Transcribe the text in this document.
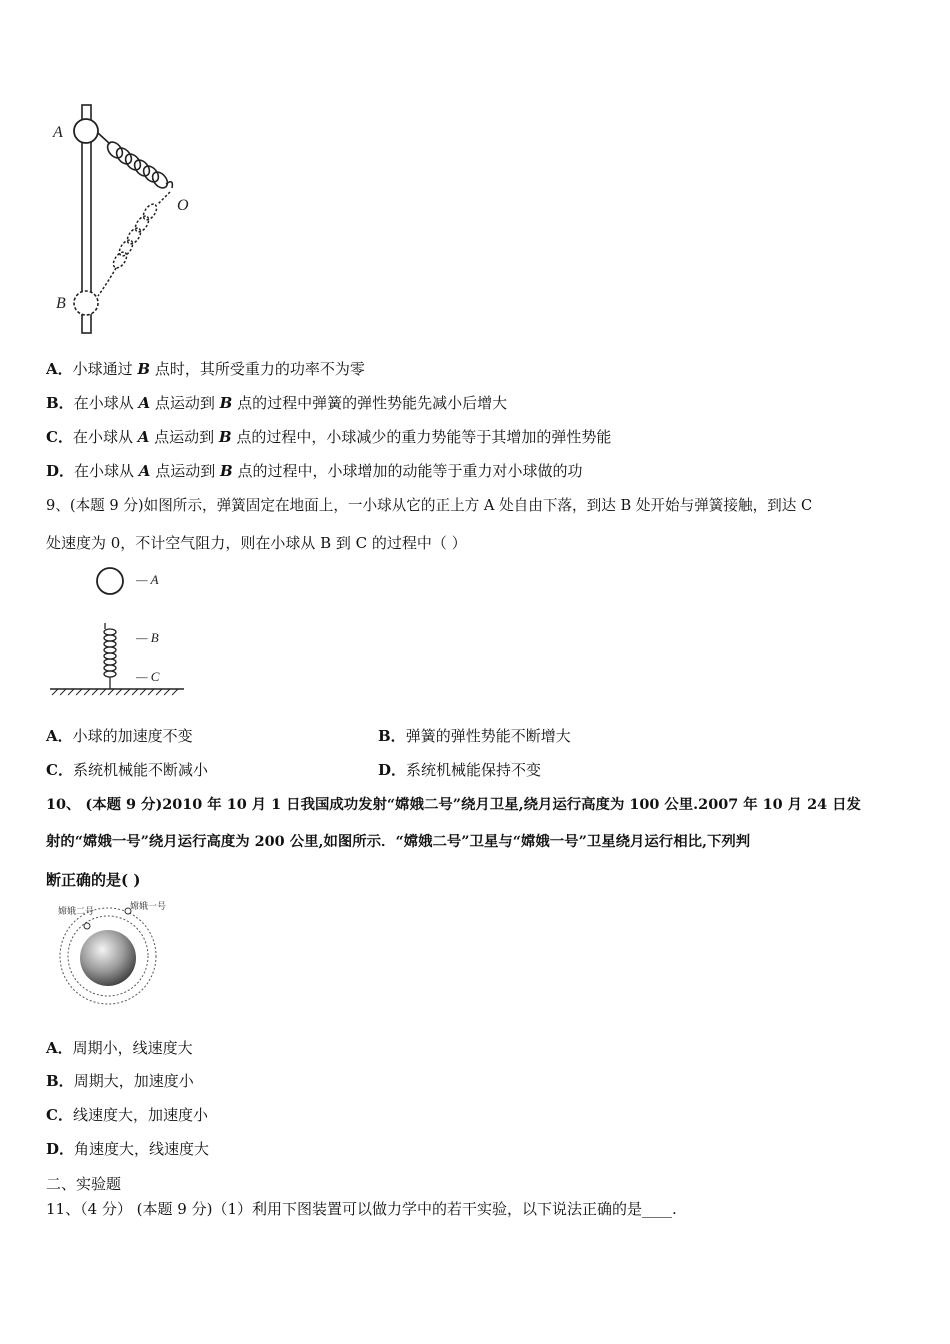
A
B
O
A．小球通过 B 点时，其所受重力的功率不为零
B．在小球从 A 点运动到 B 点的过程中弹簧的弹性势能先减小后增大
C．在小球从 A 点运动到 B 点的过程中，小球减少的重力势能等于其增加的弹性势能
D．在小球从 A 点运动到 B 点的过程中，小球增加的动能等于重力对小球做的功
9、(本题 9 分)如图所示，弹簧固定在地面上，一小球从它的正上方 A 处自由下落，到达 B 处开始与弹簧接触，到达 C
处速度为 0，不计空气阻力，则在小球从 B 到 C 的过程中（ ）
— A
— B
— C
A．小球的加速度不变	B．弹簧的弹性势能不断增大
C．系统机械能不断减小	D．系统机械能保持不变
10、 (本题 9 分)2010 年 10 月 1 日我国成功发射“嫦娥二号”绕月卫星,绕月运行高度为 100 公里.2007 年 10 月 24 日发
射的“嫦娥一号”绕月运行高度为 200 公里,如图所示．“嫦娥二号”卫星与“嫦娥一号”卫星绕月运行相比,下列判
断正确的是( )
嫦娥二号	嫦娥一号
A．周期小，线速度大
B．周期大，加速度小
C．线速度大，加速度小
D．角速度大，线速度大
二、实验题
11、（4 分） (本题 9 分)（1）利用下图装置可以做力学中的若干实验，以下说法正确的是____.
